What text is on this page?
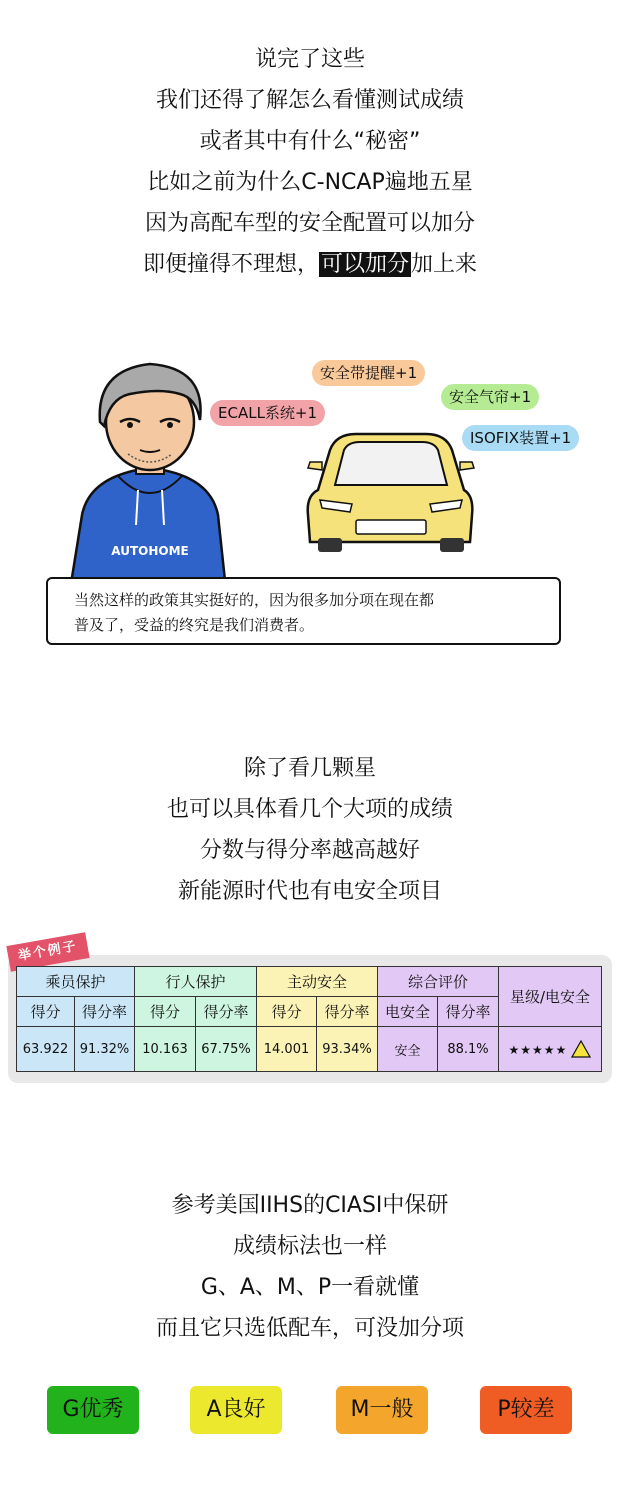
说完了这些
我们还得了解怎么看懂测试成绩
或者其中有什么“秘密”
比如之前为什么C-NCAP遍地五星
因为高配车型的安全配置可以加分
即便撞得不理想，可以加分加上来
AUTOHOME
安全带提醒+1
ECALL系统+1
安全气帘+1
ISOFIX装置+1
当然这样的政策其实挺好的，因为很多加分项在现在都
普及了，受益的终究是我们消费者。
除了看几颗星
也可以具体看几个大项的成绩
分数与得分率越高越好
新能源时代也有电安全项目
举个例子
乘员保护		行人保护		主动安全		综合评价		星级/电安全
得分	得分率	得分	得分率	得分	得分率	电安全	得分率	
63.922	91.32%	10.163	67.75%	14.001	93.34%	安全	88.1%	★★★★★
参考美国IIHS的CIASI中保研
成绩标法也一样
G、A、M、P一看就懂
而且它只选低配车，可没加分项
G优秀	A良好	M一般	P较差
